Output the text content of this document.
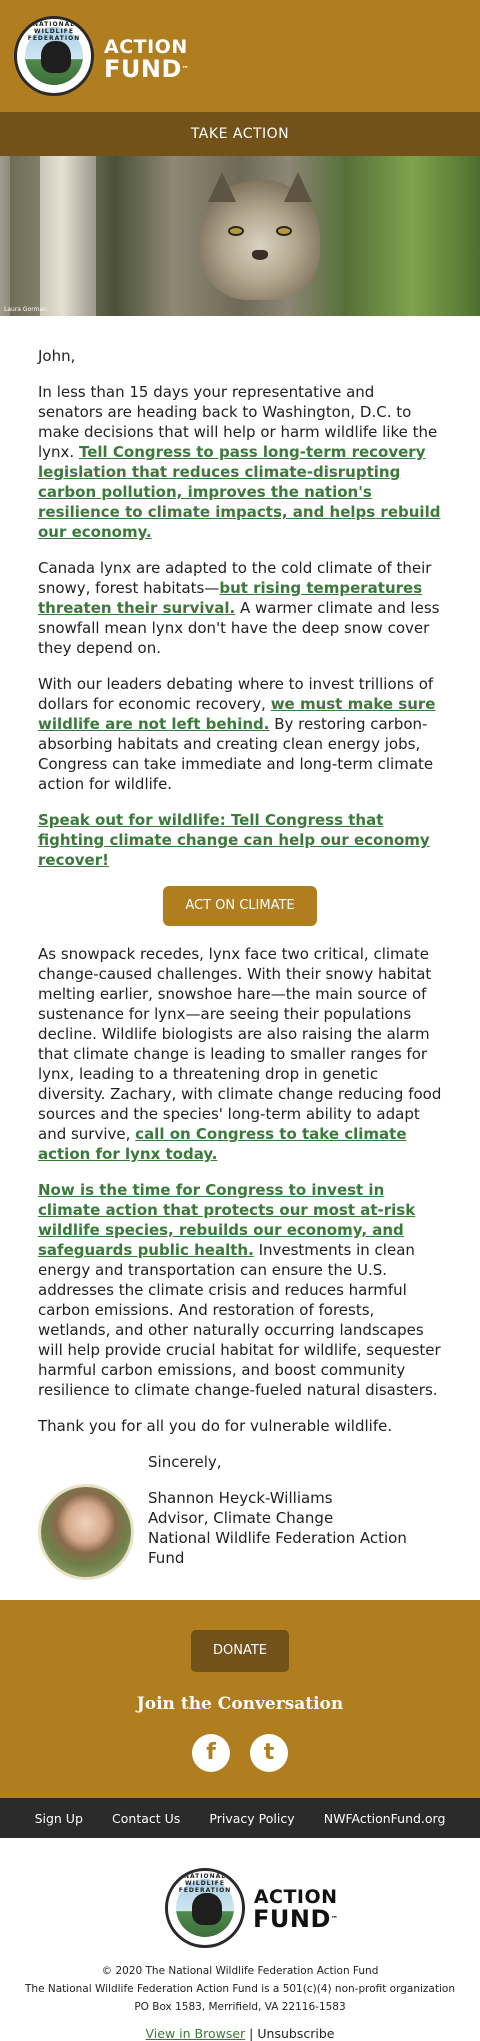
NATIONAL WILDLIFE FEDERATION	ACTION
FUND™
TAKE ACTION
Laura Gorman

John,

In less than 15 days your representative and senators are heading back to Washington, D.C. to make decisions that will help or harm wildlife like the lynx. Tell Congress to pass long-term recovery legislation that reduces climate-disrupting carbon pollution, improves the nation's resilience to climate impacts, and helps rebuild our economy.

Canada lynx are adapted to the cold climate of their snowy, forest habitats—but rising temperatures threaten their survival. A warmer climate and less snowfall mean lynx don't have the deep snow cover they depend on.

With our leaders debating where to invest trillions of dollars for economic recovery, we must make sure wildlife are not left behind. By restoring carbon-absorbing habitats and creating clean energy jobs, Congress can take immediate and long-term climate action for wildlife.

Speak out for wildlife: Tell Congress that fighting climate change can help our economy recover!

ACT ON CLIMATE

As snowpack recedes, lynx face two critical, climate change-caused challenges. With their snowy habitat melting earlier, snowshoe hare—the main source of sustenance for lynx—are seeing their populations decline. Wildlife biologists are also raising the alarm that climate change is leading to smaller ranges for lynx, leading to a threatening drop in genetic diversity. Zachary, with climate change reducing food sources and the species' long-term ability to adapt and survive, call on Congress to take climate action for lynx today.

Now is the time for Congress to invest in climate action that protects our most at-risk wildlife species, rebuilds our economy, and safeguards public health. Investments in clean energy and transportation can ensure the U.S. addresses the climate crisis and reduces harmful carbon emissions. And restoration of forests, wetlands, and other naturally occurring landscapes will help provide crucial habitat for wildlife, sequester harmful carbon emissions, and boost community resilience to climate change-fueled natural disasters.

Thank you for all you do for vulnerable wildlife.

Sincerely,
Shannon Heyck-Williams
Advisor, Climate Change
National Wildlife Federation Action Fund
DONATE
Join the Conversation
f	t
Sign Up Contact Us Privacy Policy NWFActionFund.org
NATIONAL WILDLIFE FEDERATION	ACTION
FUND™
© 2020 The National Wildlife Federation Action Fund
The National Wildlife Federation Action Fund is a 501(c)(4) non-profit organization
PO Box 1583, Merrifield, VA 22116-1583
View in Browser | Unsubscribe
